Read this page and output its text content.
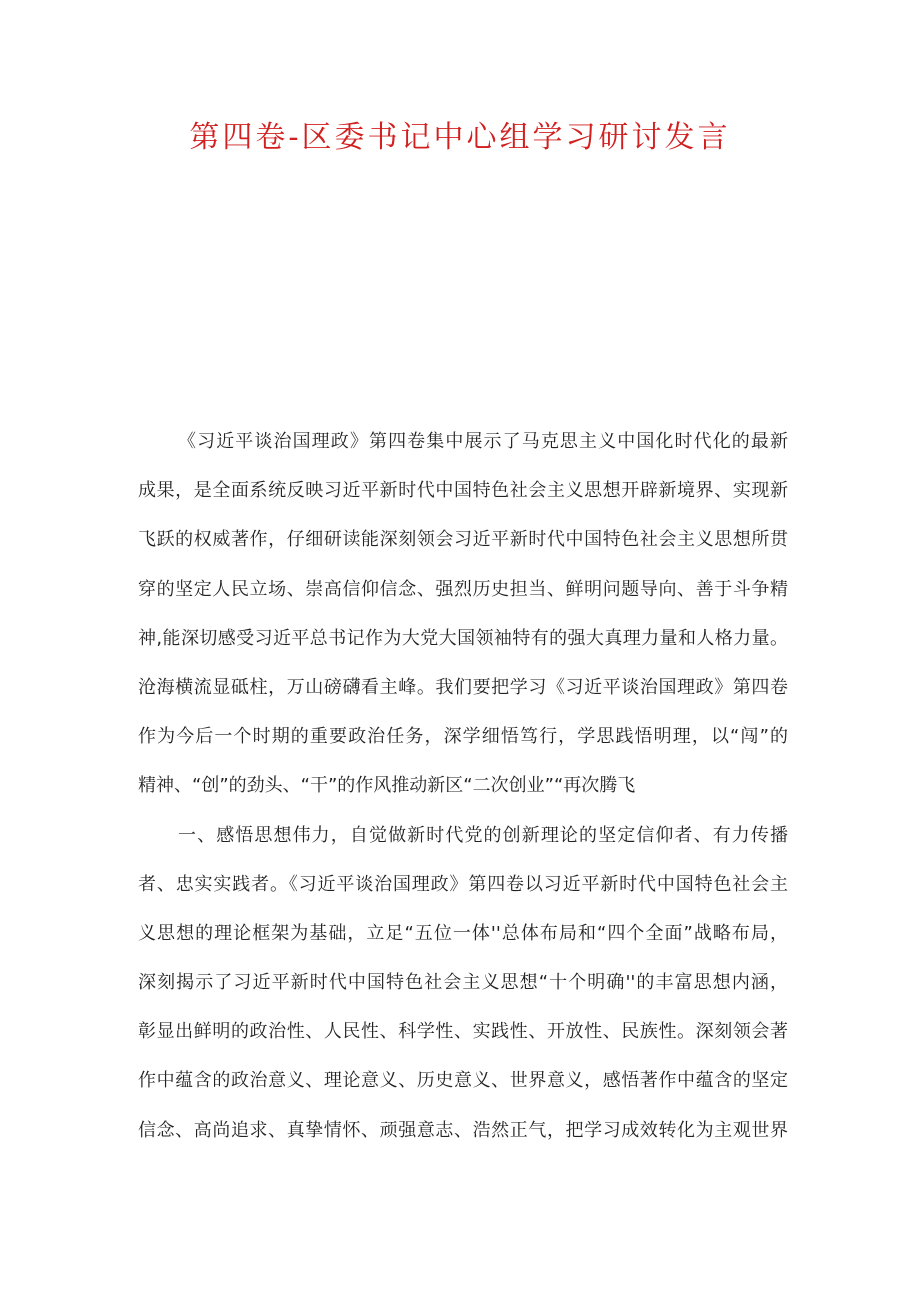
第四卷-区委书记中心组学习研讨发言
《习近平谈治国理政》第四卷集中展示了马克思主义中国化时代化的最新
成果，是全面系统反映习近平新时代中国特色社会主义思想开辟新境界、实现新
飞跃的权威著作，仔细研读能深刻领会习近平新时代中国特色社会主义思想所贯
穿的坚定人民立场、崇高信仰信念、强烈历史担当、鲜明问题导向、善于斗争精
神,能深切感受习近平总书记作为大党大国领袖特有的强大真理力量和人格力量。
沧海横流显砥柱，万山磅礴看主峰。我们要把学习《习近平谈治国理政》第四卷
作为今后一个时期的重要政治任务，深学细悟笃行，学思践悟明理，以“闯”的
精神、“创”的劲头、“干”的作风推动新区“二次创业”“再次腾飞
一、感悟思想伟力，自觉做新时代党的创新理论的坚定信仰者、有力传播
者、忠实实践者。《习近平谈治国理政》第四卷以习近平新时代中国特色社会主
义思想的理论框架为基础，立足“五位一体''总体布局和“四个全面”战略布局，
深刻揭示了习近平新时代中国特色社会主义思想“十个明确''的丰富思想内涵，
彰显出鲜明的政治性、人民性、科学性、实践性、开放性、民族性。深刻领会著
作中蕴含的政治意义、理论意义、历史意义、世界意义，感悟著作中蕴含的坚定
信念、高尚追求、真挚情怀、顽强意志、浩然正气，把学习成效转化为主观世界
